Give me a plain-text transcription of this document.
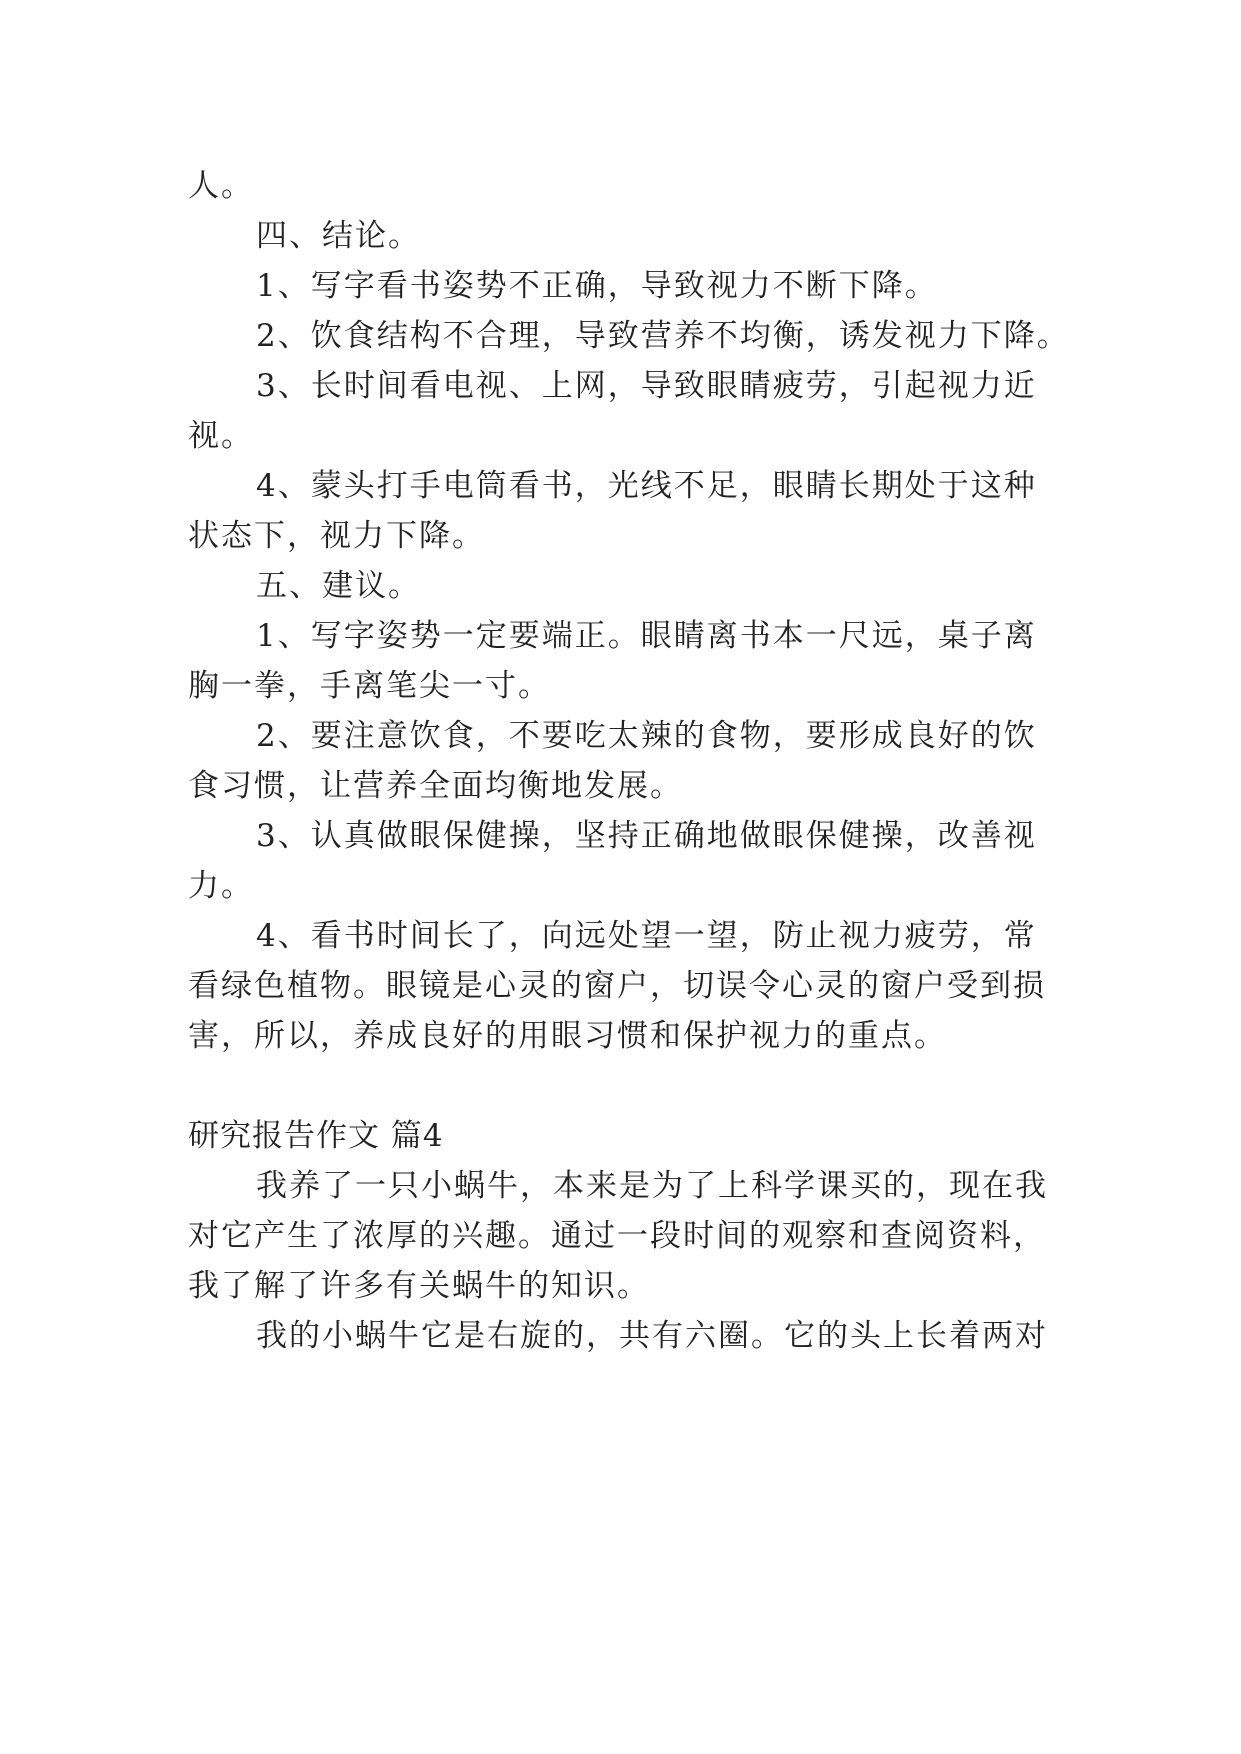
人。
四、结论。
1、写字看书姿势不正确，导致视力不断下降。
2、饮食结构不合理，导致营养不均衡，诱发视力下降。
3、长时间看电视、上网，导致眼睛疲劳，引起视力近
视。
4、蒙头打手电筒看书，光线不足，眼睛长期处于这种
状态下，视力下降。
五、建议。
1、写字姿势一定要端正。眼睛离书本一尺远，桌子离
胸一拳，手离笔尖一寸。
2、要注意饮食，不要吃太辣的食物，要形成良好的饮
食习惯，让营养全面均衡地发展。
3、认真做眼保健操，坚持正确地做眼保健操，改善视
力。
4、看书时间长了，向远处望一望，防止视力疲劳，常
看绿色植物。眼镜是心灵的窗户，切误令心灵的窗户受到损
害，所以，养成良好的用眼习惯和保护视力的重点。
研究报告作文 篇4
我养了一只小蜗牛，本来是为了上科学课买的，现在我
对它产生了浓厚的兴趣。通过一段时间的观察和查阅资料，
我了解了许多有关蜗牛的知识。
我的小蜗牛它是右旋的，共有六圈。它的头上长着两对
